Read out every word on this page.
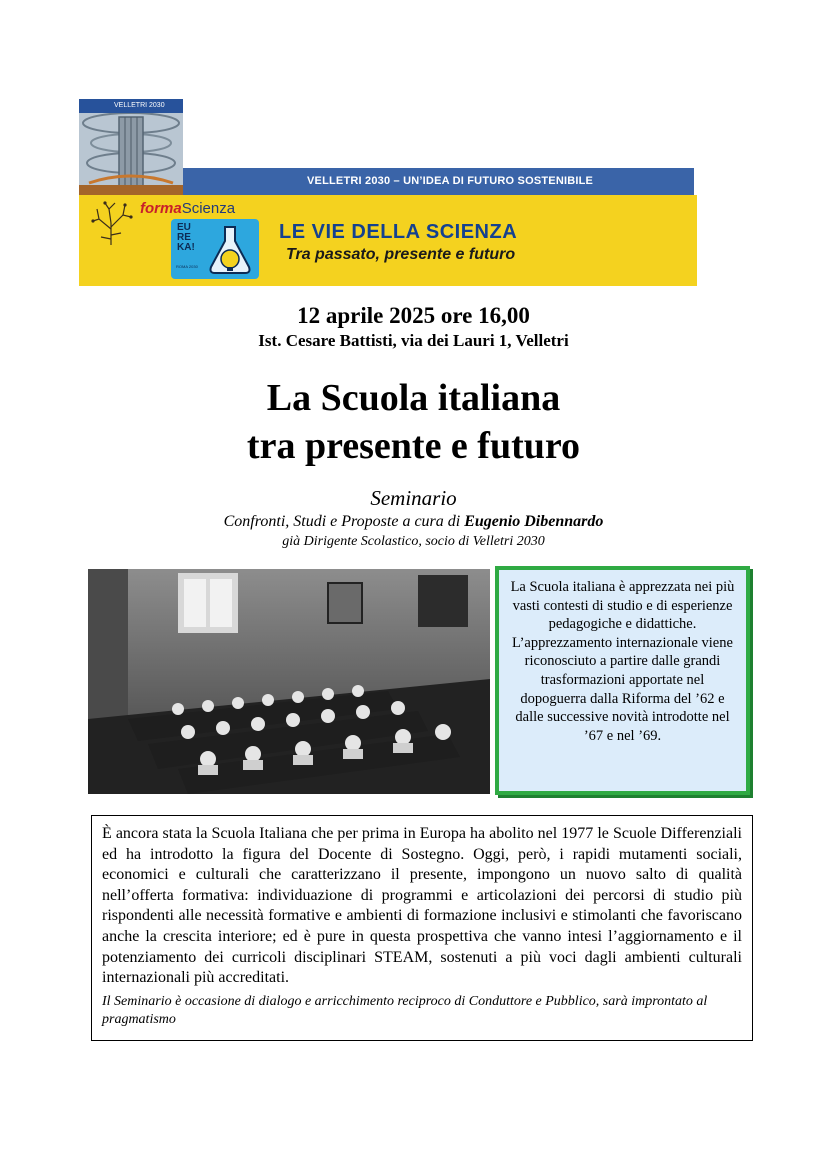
VELLETRI 2030
VELLETRI 2030 – UN’IDEA DI FUTURO SOSTENIBILE
formaScienza
EU
RE
KA!
ROMA 2030
LE VIE DELLA SCIENZA
Tra passato, presente e futuro
12 aprile 2025 ore 16,00
Ist. Cesare Battisti, via dei Lauri 1, Velletri
La Scuola italiana
tra presente e futuro
Seminario
Confronti, Studi e Proposte a cura di Eugenio Dibennardo
già Dirigente Scolastico, socio di Velletri 2030

La Scuola italiana è apprezzata nei più vasti contesti di studio e di esperienze pedagogiche e didattiche. L’apprezzamento internazionale viene riconosciuto a partire dalle grandi trasformazioni apportate nel dopoguerra dalla Riforma del ’62 e dalle successive novità introdotte nel ’67 e nel ’69.

È ancora stata la Scuola Italiana che per prima in Europa ha abolito nel 1977 le Scuole Differenziali ed ha introdotto la figura del Docente di Sostegno. Oggi, però, i rapidi mutamenti sociali, economici e culturali che caratterizzano il presente, impongono un nuovo salto di qualità nell’offerta formativa: individuazione di programmi e articolazioni dei percorsi di studio più rispondenti alle necessità formative e ambienti di formazione inclusivi e stimolanti che favoriscano anche la crescita interiore; ed è pure in questa prospettiva che vanno intesi l’aggiornamento e il potenziamento dei curricoli disciplinari STEAM, sostenuti a più voci dagli ambienti culturali internazionali più accreditati.

Il Seminario è occasione di dialogo e arricchimento reciproco di Conduttore e Pubblico, sarà improntato al pragmatismo
